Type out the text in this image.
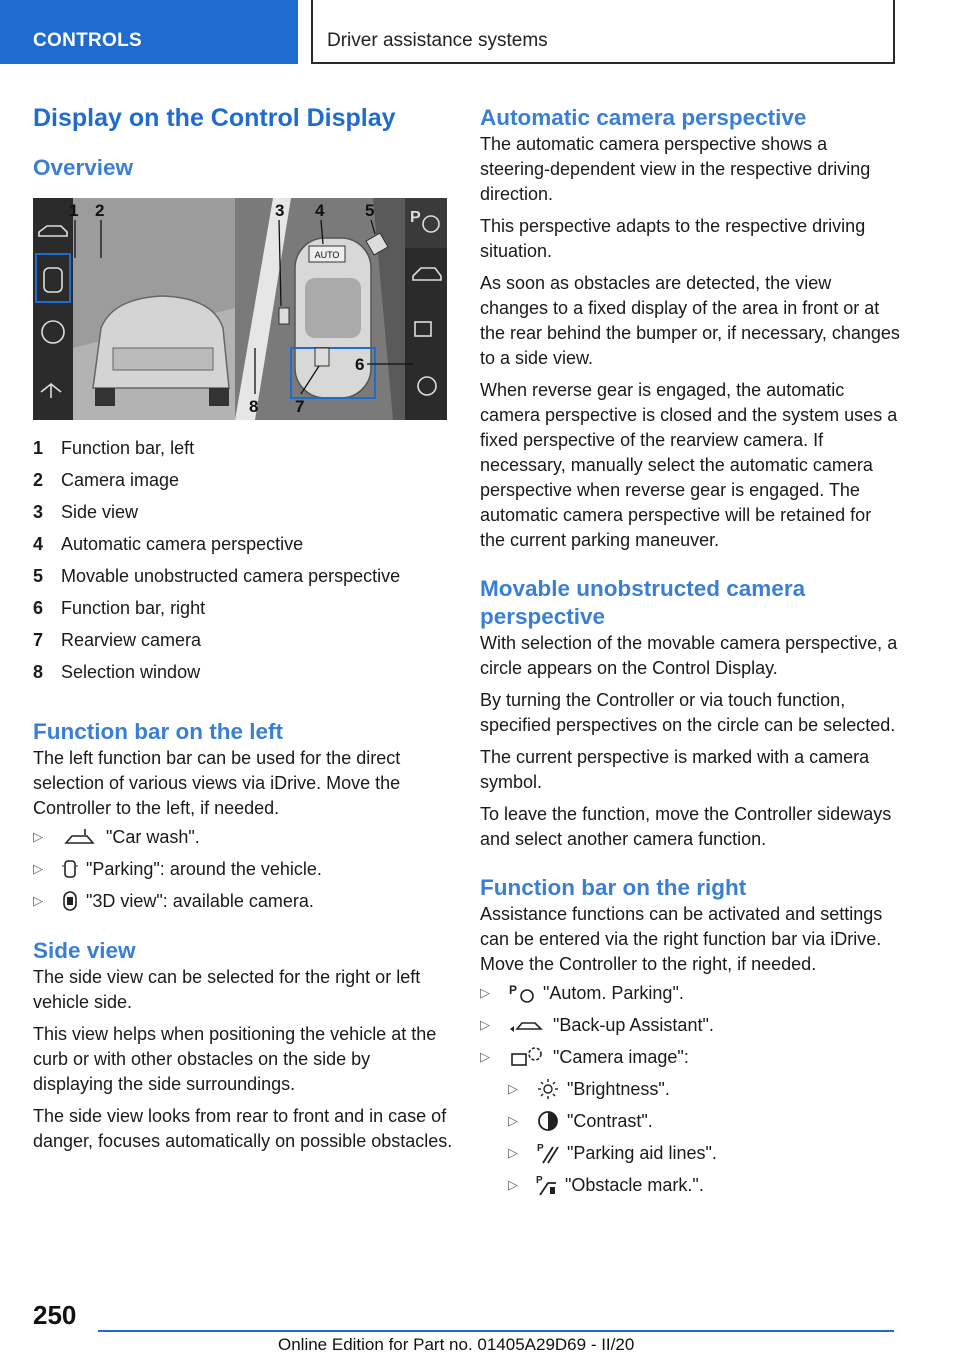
CONTROLS	Driver assistance systems
Display on the Control Display
Overview
AUTO
P
1 2	3 4 5
6
7
8
1 Function bar, left
2 Camera image
3 Side view
4 Automatic camera perspective
5 Movable unobstructed camera perspective
6 Function bar, right
7 Rearview camera
8 Selection window
Function bar on the left

The left function bar can be used for the direct selection of various views via iDrive. Move the Controller to the left, if needed.

▷	"Car wash".
▷	"Parking": around the vehicle.
▷	"3D view": available camera.
Side view

The side view can be selected for the right or left vehicle side.

This view helps when positioning the vehicle at the curb or with other obstacles on the side by displaying the side surroundings.

The side view looks from rear to front and in case of danger, focuses automatically on possible obstacles.

Automatic camera perspective

The automatic camera perspective shows a steering-dependent view in the respective driving direction.

This perspective adapts to the respective driving situation.

As soon as obstacles are detected, the view changes to a fixed display of the area in front or at the rear behind the bumper or, if necessary, changes to a side view.

When reverse gear is engaged, the automatic camera perspective is closed and the system uses a fixed perspective of the rearview camera. If necessary, manually select the automatic camera perspective when reverse gear is engaged. The automatic camera perspective will be retained for the current parking maneuver.

Movable unobstructed camera perspective

With selection of the movable camera perspective, a circle appears on the Control Display.

By turning the Controller or via touch function, specified perspectives on the circle can be selected.

The current perspective is marked with a camera symbol.

To leave the function, move the Controller sideways and select another camera function.

Function bar on the right

Assistance functions can be activated and settings can be entered via the right function bar via iDrive. Move the Controller to the right, if needed.

▷	P "Autom. Parking".
▷	"Back-up Assistant".
▷	"Camera image":
▷	"Brightness".
▷	"Contrast".
▷	P "Parking aid lines".
▷	P "Obstacle mark.".
250
Online Edition for Part no. 01405A29D69 - II/20
